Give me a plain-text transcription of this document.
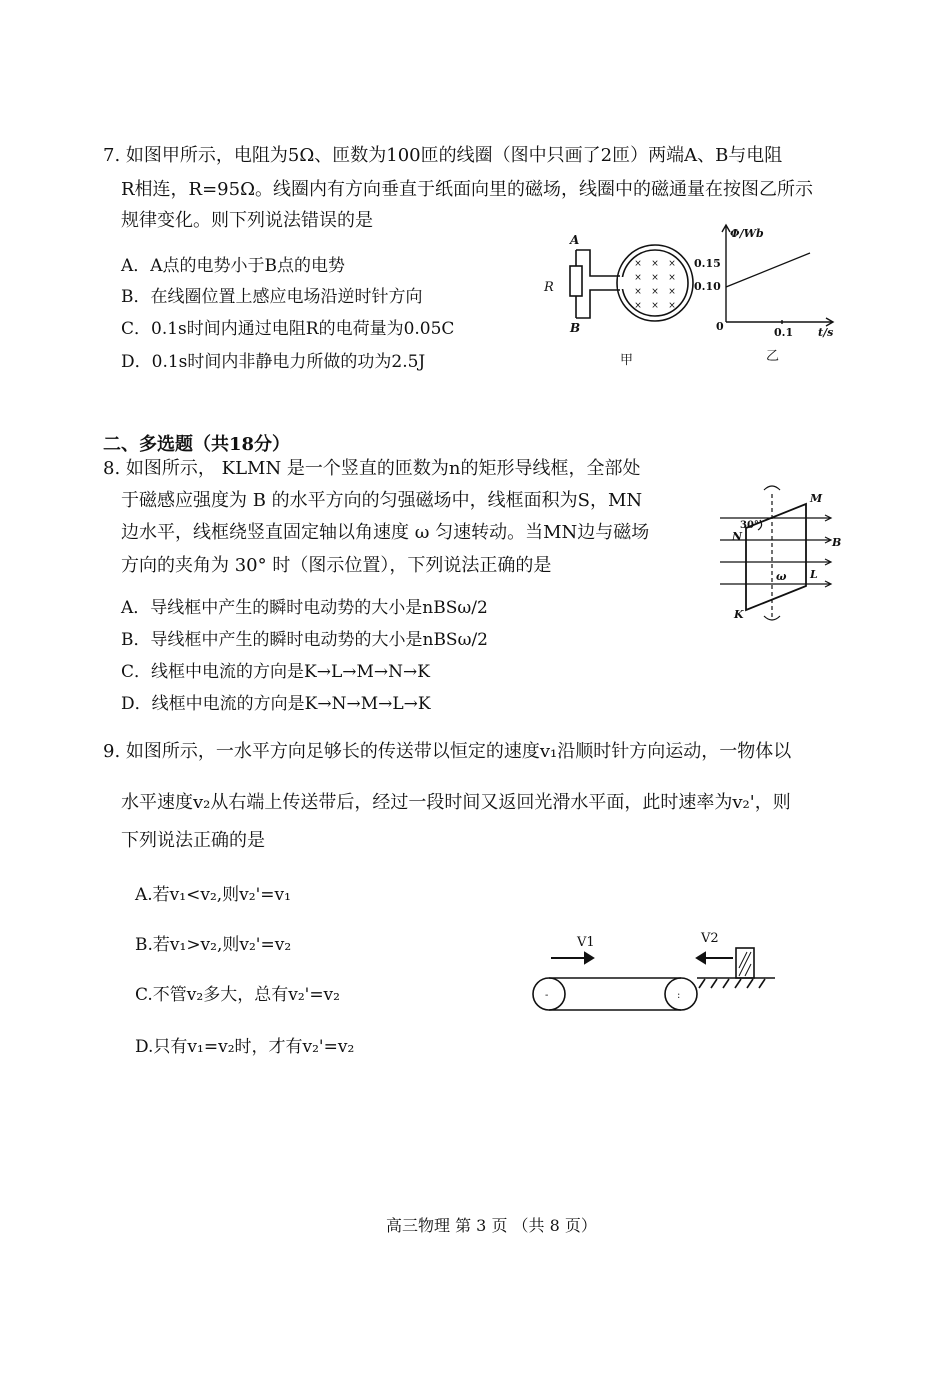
7. 如图甲所示，电阻为5Ω、匝数为100匝的线圈（图中只画了2匝）两端A、B与电阻
R相连，R=95Ω。线圈内有方向垂直于纸面向里的磁场，线圈中的磁通量在按图乙所示
规律变化。则下列说法错误的是
A．A点的电势小于B点的电势
B．在线圈位置上感应电场沿逆时针方向
C．0.1s时间内通过电阻R的电荷量为0.05C
D．0.1s时间内非静电力所做的功为2.5J
× × ×
× × ×
× × ×
× × ×
A
B
R
甲
Φ/Wb
0.15
0.10
0	0.1 t/s
乙
二、多选题（共18分）
8. 如图所示， KLMN 是一个竖直的匝数为n的矩形导线框，全部处
于磁感应强度为 B 的水平方向的匀强磁场中，线框面积为S，MN
边水平，线框绕竖直固定轴以角速度 ω 匀速转动。当MN边与磁场
方向的夹角为 30° 时（图示位置），下列说法正确的是
A．导线框中产生的瞬时电动势的大小是nBSω/2
B．导线框中产生的瞬时电动势的大小是nBSω/2
C．线框中电流的方向是K→L→M→N→K
D．线框中电流的方向是K→N→M→L→K
M
N
K
L
B
ω
30°
9. 如图所示，一水平方向足够长的传送带以恒定的速度v₁沿顺时针方向运动，一物体以
水平速度v₂从右端上传送带后，经过一段时间又返回光滑水平面，此时速率为v₂'，则
下列说法正确的是
A.若v₁<v₂,则v₂'=v₁
B.若v₁>v₂,则v₂'=v₂
C.不管v₂多大，总有v₂'=v₂
D.只有v₁=v₂时，才有v₂'=v₂
-	:
V1	V2
高三物理 第 3 页 （共 8 页）
